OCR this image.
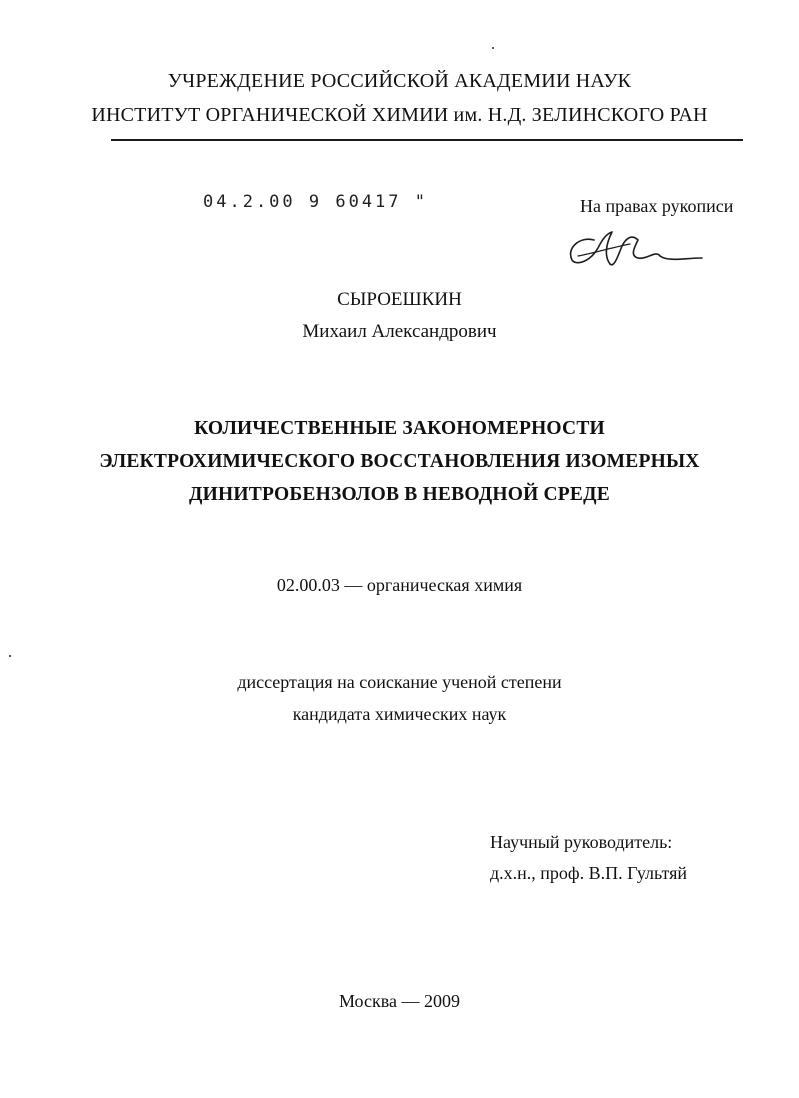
УЧРЕЖДЕНИЕ РОССИЙСКОЙ АКАДЕМИИ НАУК
ИНСТИТУТ ОРГАНИЧЕСКОЙ ХИМИИ им. Н.Д. ЗЕЛИНСКОГО РАН
04.2.00 9 60417 "	На правах рукописи
СЫРОЕШКИН
Михаил Александрович
КОЛИЧЕСТВЕННЫЕ ЗАКОНОМЕРНОСТИ
ЭЛЕКТРОХИМИЧЕСКОГО ВОССТАНОВЛЕНИЯ ИЗОМЕРНЫХ
ДИНИТРОБЕНЗОЛОВ В НЕВОДНОЙ СРЕДЕ
02.00.03 — органическая химия
диссертация на соискание ученой степени
кандидата химических наук
Научный руководитель:
д.х.н., проф. В.П. Гультяй
Москва — 2009
